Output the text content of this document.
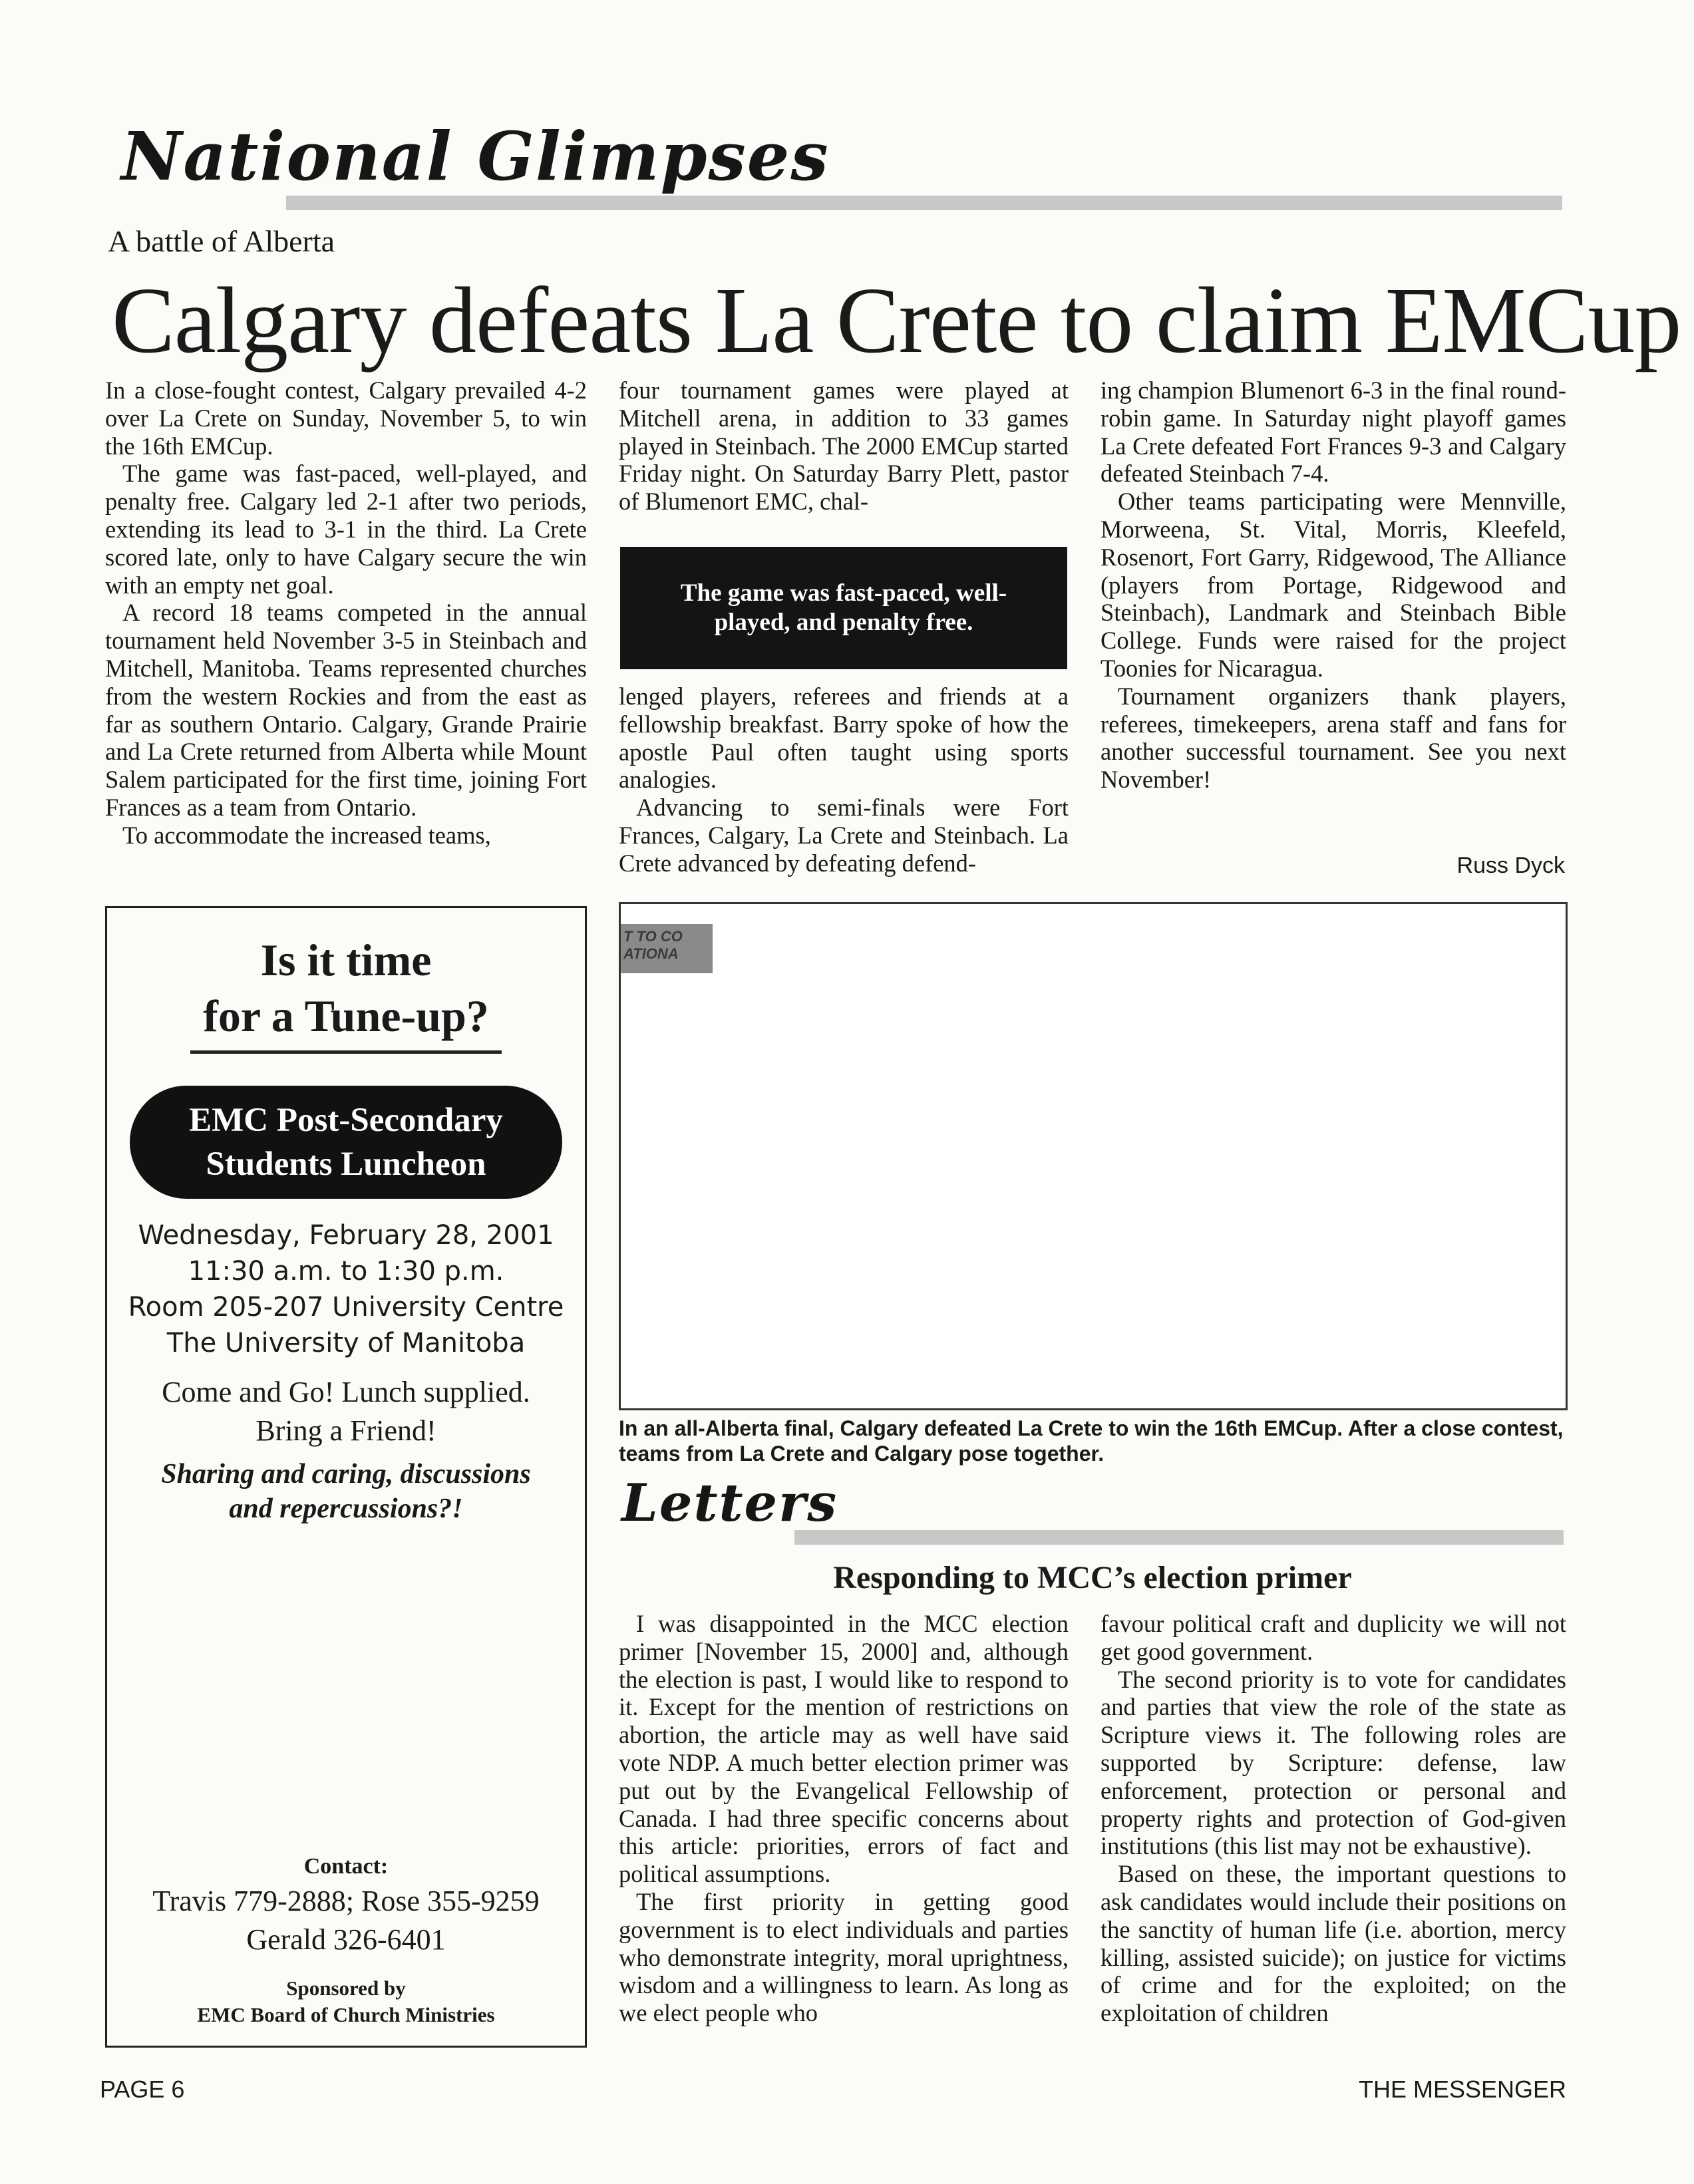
National Glimpses
A battle of Alberta
Calgary defeats La Crete to claim EMCup

In a close-fought contest, Calgary prevailed 4-2 over La Crete on Sunday, November 5, to win the 16th EMCup.

The game was fast-paced, well-played, and penalty free. Calgary led 2-1 after two periods, extending its lead to 3-1 in the third. La Crete scored late, only to have Calgary secure the win with an empty net goal.

A record 18 teams competed in the annual tournament held November 3-5 in Steinbach and Mitchell, Manitoba. Teams represented churches from the western Rockies and from the east as far as southern Ontario. Calgary, Grande Prairie and La Crete returned from Alberta while Mount Salem participated for the first time, joining Fort Frances as a team from Ontario.

To accommodate the increased teams,

four tournament games were played at Mitchell arena, in addition to 33 games played in Steinbach. The 2000 EMCup started Friday night. On Saturday Barry Plett, pastor of Blumenort EMC, chal-

The game was fast-paced, well-played, and penalty free.

lenged players, referees and friends at a fellowship breakfast. Barry spoke of how the apostle Paul often taught using sports analogies.

Advancing to semi-finals were Fort Frances, Calgary, La Crete and Steinbach. La Crete advanced by defeating defend-

ing champion Blumenort 6-3 in the final round-robin game. In Saturday night playoff games La Crete defeated Fort Frances 9-3 and Calgary defeated Steinbach 7-4.

Other teams participating were Mennville, Morweena, St. Vital, Morris, Kleefeld, Rosenort, Fort Garry, Ridgewood, The Alliance (players from Portage, Ridgewood and Steinbach), Landmark and Steinbach Bible College. Funds were raised for the project Toonies for Nicaragua.

Tournament organizers thank players, referees, timekeepers, arena staff and fans for another successful tournament. See you next November!

Russ Dyck
Is it time
for a Tune-up?
EMC Post-Secondary
Students Luncheon
Wednesday, February 28, 2001
11:30 a.m. to 1:30 p.m.
Room 205-207 University Centre
The University of Manitoba
Come and Go! Lunch supplied.
Bring a Friend!
Sharing and caring, discussions
and repercussions?!
Contact:
Travis 779-2888; Rose 355-9259
Gerald 326-6401
Sponsored by
EMC Board of Church Ministries
T TO CO
ATIONA
In an all-Alberta final, Calgary defeated La Crete to win the 16th EMCup. After a close contest, teams from La Crete and Calgary pose together.
Letters
Responding to MCC’s election primer

I was disappointed in the MCC election primer [November 15, 2000] and, although the election is past, I would like to respond to it. Except for the mention of restrictions on abortion, the article may as well have said vote NDP. A much better election primer was put out by the Evangelical Fellowship of Canada. I had three specific concerns about this article: priorities, errors of fact and political assumptions.

The first priority in getting good government is to elect individuals and parties who demonstrate integrity, moral uprightness, wisdom and a willingness to learn. As long as we elect people who

favour political craft and duplicity we will not get good government.

The second priority is to vote for candidates and parties that view the role of the state as Scripture views it. The following roles are supported by Scripture: defense, law enforcement, protection or personal and property rights and protection of God-given institutions (this list may not be exhaustive).

Based on these, the important questions to ask candidates would include their positions on the sanctity of human life (i.e. abortion, mercy killing, assisted suicide); on justice for victims of crime and for the exploited; on the exploitation of children

PAGE 6	THE MESSENGER
